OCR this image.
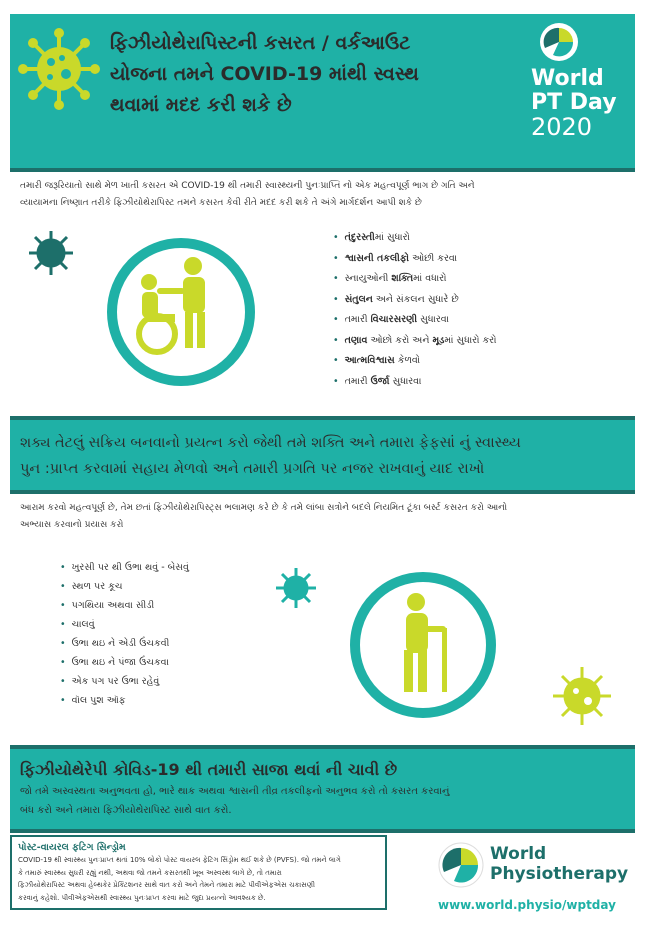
ફિઝીયોથેરાપિસ્ટની કસરત / વર્કઆઉટ
યોજના તમને COVID-19 માંથી સ્વસ્થ
થવામાં મદદ કરી શકે છે
World
PT Day
2020
તમારી જરૂરિયાતો સાથે મેળ ખાતી કસરત એ COVID-19 થી તમારી સ્વાસ્થ્યની પુનઃપ્રાપ્તિ નો એક મહત્વપૂર્ણ ભાગ છે ગતિ અને
વ્યાયામના નિષ્ણાત તરીકે ફિઝીયોથેરાપિસ્ટ તમને કસરત કેવી રીતે મદદ કરી શકે તે અંગે માર્ગદર્શન આપી શકે છે
• તંદુરસ્તીમાં સુધારો
• શ્વાસની તકલીફો ઓછી કરવા
• સ્નાયુઓની શક્તિમાં વધારો
• સંતુલન અને સંકલન સુધારે છે
• તમારી વિચારસરણી સુધારવા
• તણાવ ઓછો કરો અને મૂડમાં સુધારો કરો
• આત્મવિશ્વાસ કેળવો
• તમારી ઉર્જા સુધારવા
શક્ય તેટલું સક્રિય બનવાનો પ્રયત્ન કરો જેથી તમે શક્તિ અને તમારા ફેફસાં નું સ્વાસ્થ્ય
પુન :પ્રાપ્ત કરવામાં સહાય મેળવો અને તમારી પ્રગતિ પર નજર રાખવાનું યાદ રાખો
આરામ કરવો મહત્વપૂર્ણ છે, તેમ છતાં ફિઝીયોથેરાપિસ્ટ્સ ભલામણ કરે છે કે તમે લાંબા સત્રોને બદલે નિયમિત ટૂંકા બર્સ્ટ કસરત કરો આનો
અભ્યાસ કરવાનો પ્રયાસ કરો
• ખુરસી પર થી ઉભા થવું - બેસવું
• સ્થળ પર કૂચ
• પગથિયા અથવા સીડી
• ચાલવું
• ઉભા થઇ ને એડી ઉંચકવી
• ઉભા થઇ ને પંજા ઉંચકવા
• એક પગ પર ઉભા રહેવું
• વૉલ પુશ ઑફ
ફિઝીયોથેરેપી કોવિડ-19 થી તમારી સાજા થવાં ની ચાવી છે
જો તમે અસ્વસ્થતા અનુભવતા હો, ભારે થાક અથવા શ્વાસની તીવ્ર તકલીફનો અનુભવ કરો તો કસરત કરવાનું
બંધ કરો અને તમારા ફિઝીયોથેરાપિસ્ટ સાથે વાત કરો.
પોસ્ટ-વાયરલ ફટિગ સિન્ડ્રોમ
COVID-19 થી સ્વાસ્થ્ય પુનઃપ્રાપ્ત થતાં 10% લોકો પોસ્ટ વાયરલ ફેટિગ સિંડ્રોમ થઈ શકે છે (PVFS). જો તમને લાગે
કે તમારું સ્વાસ્થ્ય સુધરી રહ્યું નથી, અથવા જો તમને કસરતથી ખૂબ અસ્વસ્થ લાગે છે, તો તમારા
ફિઝીયોથેરાપિસ્ટ અથવા હેલ્થકેર પ્રેક્ટિશનર સાથે વાત કરો અને તેમને તમારા માટે પીવીએફએસ ચકાસણી
કરવાનું કહેશો. પીવીએફએસથી સ્વાસ્થ્ય પુનઃપ્રાપ્ત કરવા માટે જુદા પ્રયત્નો આવશ્યક છે.
World
Physiotherapy
www.world.physio/wptday
